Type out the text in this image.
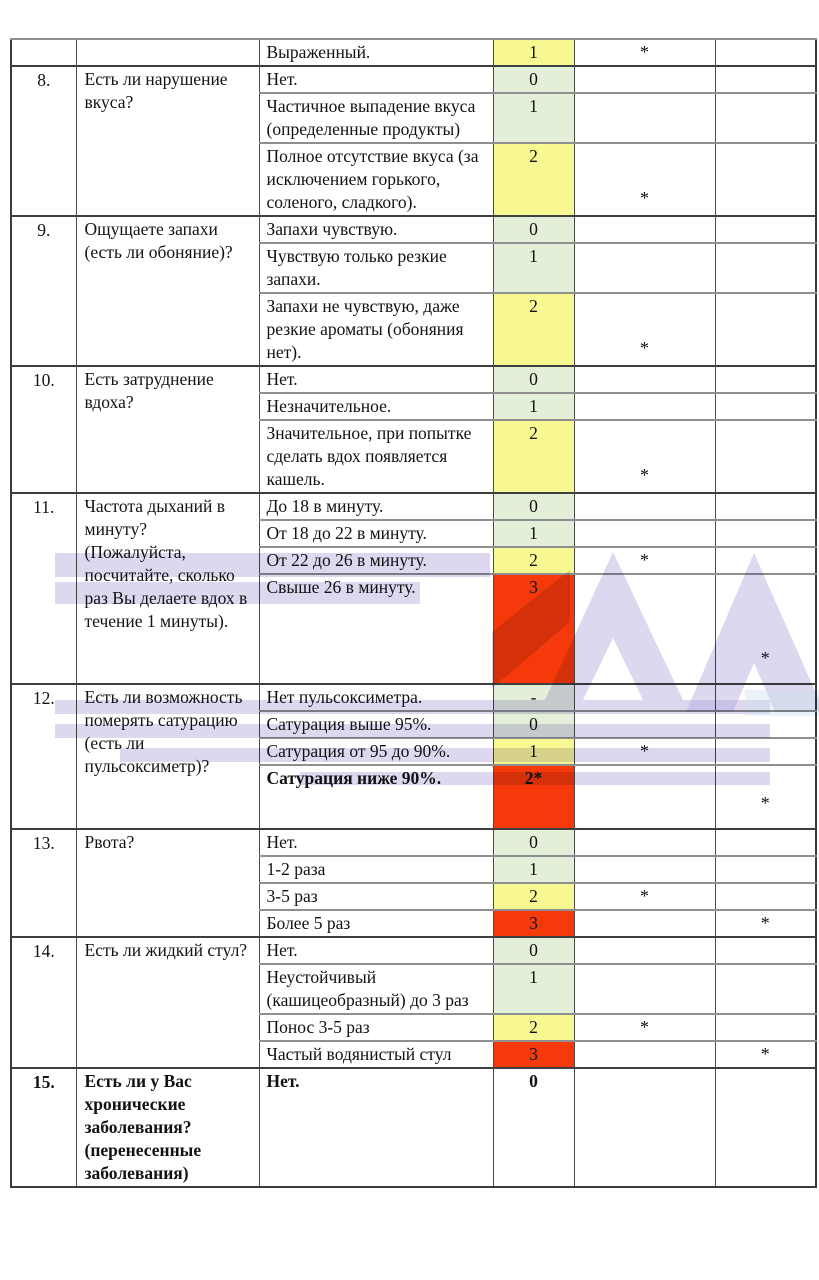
		Выраженный.	1	*	
8.	Есть ли нарушение вкуса?	Нет.	0		

		Частичное выпадение вкуса (определенные продукты)	1		

		Полное отсутствие вкуса (за исключением горького, соленого, сладкого).	2	*	

9.	Ощущаете запахи (есть ли обоняние)?	Запахи чувствую.	0		

		Чувствую только резкие запахи.	1		

		Запахи не чувствую, даже резкие ароматы (обоняния нет).	2	*	

10.	Есть затруднение вдоха?	Нет.	0		

		Незначительное.	1		

		Значительное, при попытке сделать вдох появляется кашель.	2	*	

11.	Частота дыханий в минуту? (Пожалуйста, посчитайте, сколько раз Вы делаете вдох в течение 1 минуты).	До 18 в минуту.	0		

		От 18 до 22 в минуту.	1		

		От 22 до 26 в минуту.	2	*	

		Свыше 26 в минуту.	3		*

12.	Есть ли возможность померять сатурацию (есть ли пульсоксиметр)?	Нет пульсоксиметра.	-		

		Сатурация выше 95%.	0		

		Сатурация от 95 до 90%.	1	*	

		Сатурация ниже 90%.	2*		*

13.	Рвота?	Нет.	0		

		1-2 раза	1		

		3-5 раз	2	*	

		Более 5 раз	3		*
14.	Есть ли жидкий стул?	Нет.	0		

		Неустойчивый (кашицеобразный) до 3 раз	1		

		Понос 3-5 раз	2	*	

		Частый водянистый стул	3		*
15.	Есть ли у Вас хронические заболевания? (перенесенные заболевания)	Нет.	0		
